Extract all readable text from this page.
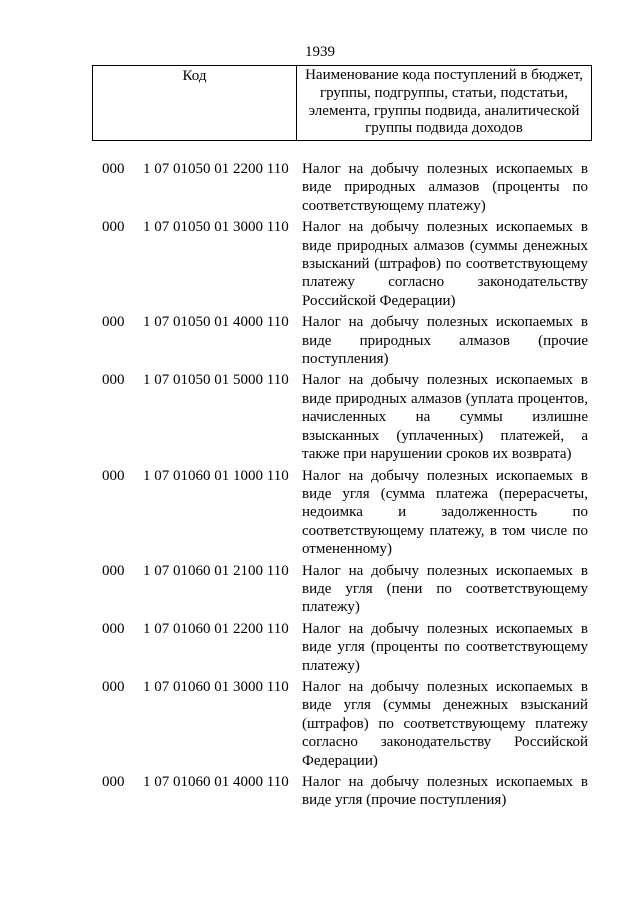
1939
Код	Наименование кода поступлений в бюджет, группы, подгруппы, статьи, подстатьи, элемента, группы подвида, аналитической группы подвида доходов
000 1 07 01050 01 2200 110 Налог на добычу полезных ископаемых в виде природных алмазов (проценты по соответствующему платежу)
000 1 07 01050 01 3000 110 Налог на добычу полезных ископаемых в виде природных алмазов (суммы денежных взысканий (штрафов) по соответствующему платежу согласно законодательству Российской Федерации)
000 1 07 01050 01 4000 110 Налог на добычу полезных ископаемых в виде природных алмазов (прочие поступления)
000 1 07 01050 01 5000 110 Налог на добычу полезных ископаемых в виде природных алмазов (уплата процентов, начисленных на суммы излишне взысканных (уплаченных) платежей, а также при нарушении сроков их возврата)
000 1 07 01060 01 1000 110 Налог на добычу полезных ископаемых в виде угля (сумма платежа (перерасчеты, недоимка и задолженность по соответствующему платежу, в том числе по отмененному)
000 1 07 01060 01 2100 110 Налог на добычу полезных ископаемых в виде угля (пени по соответствующему платежу)
000 1 07 01060 01 2200 110 Налог на добычу полезных ископаемых в виде угля (проценты по соответствующему платежу)
000 1 07 01060 01 3000 110 Налог на добычу полезных ископаемых в виде угля (суммы денежных взысканий (штрафов) по соответствующему платежу согласно законодательству Российской Федерации)
000 1 07 01060 01 4000 110 Налог на добычу полезных ископаемых в виде угля (прочие поступления)
